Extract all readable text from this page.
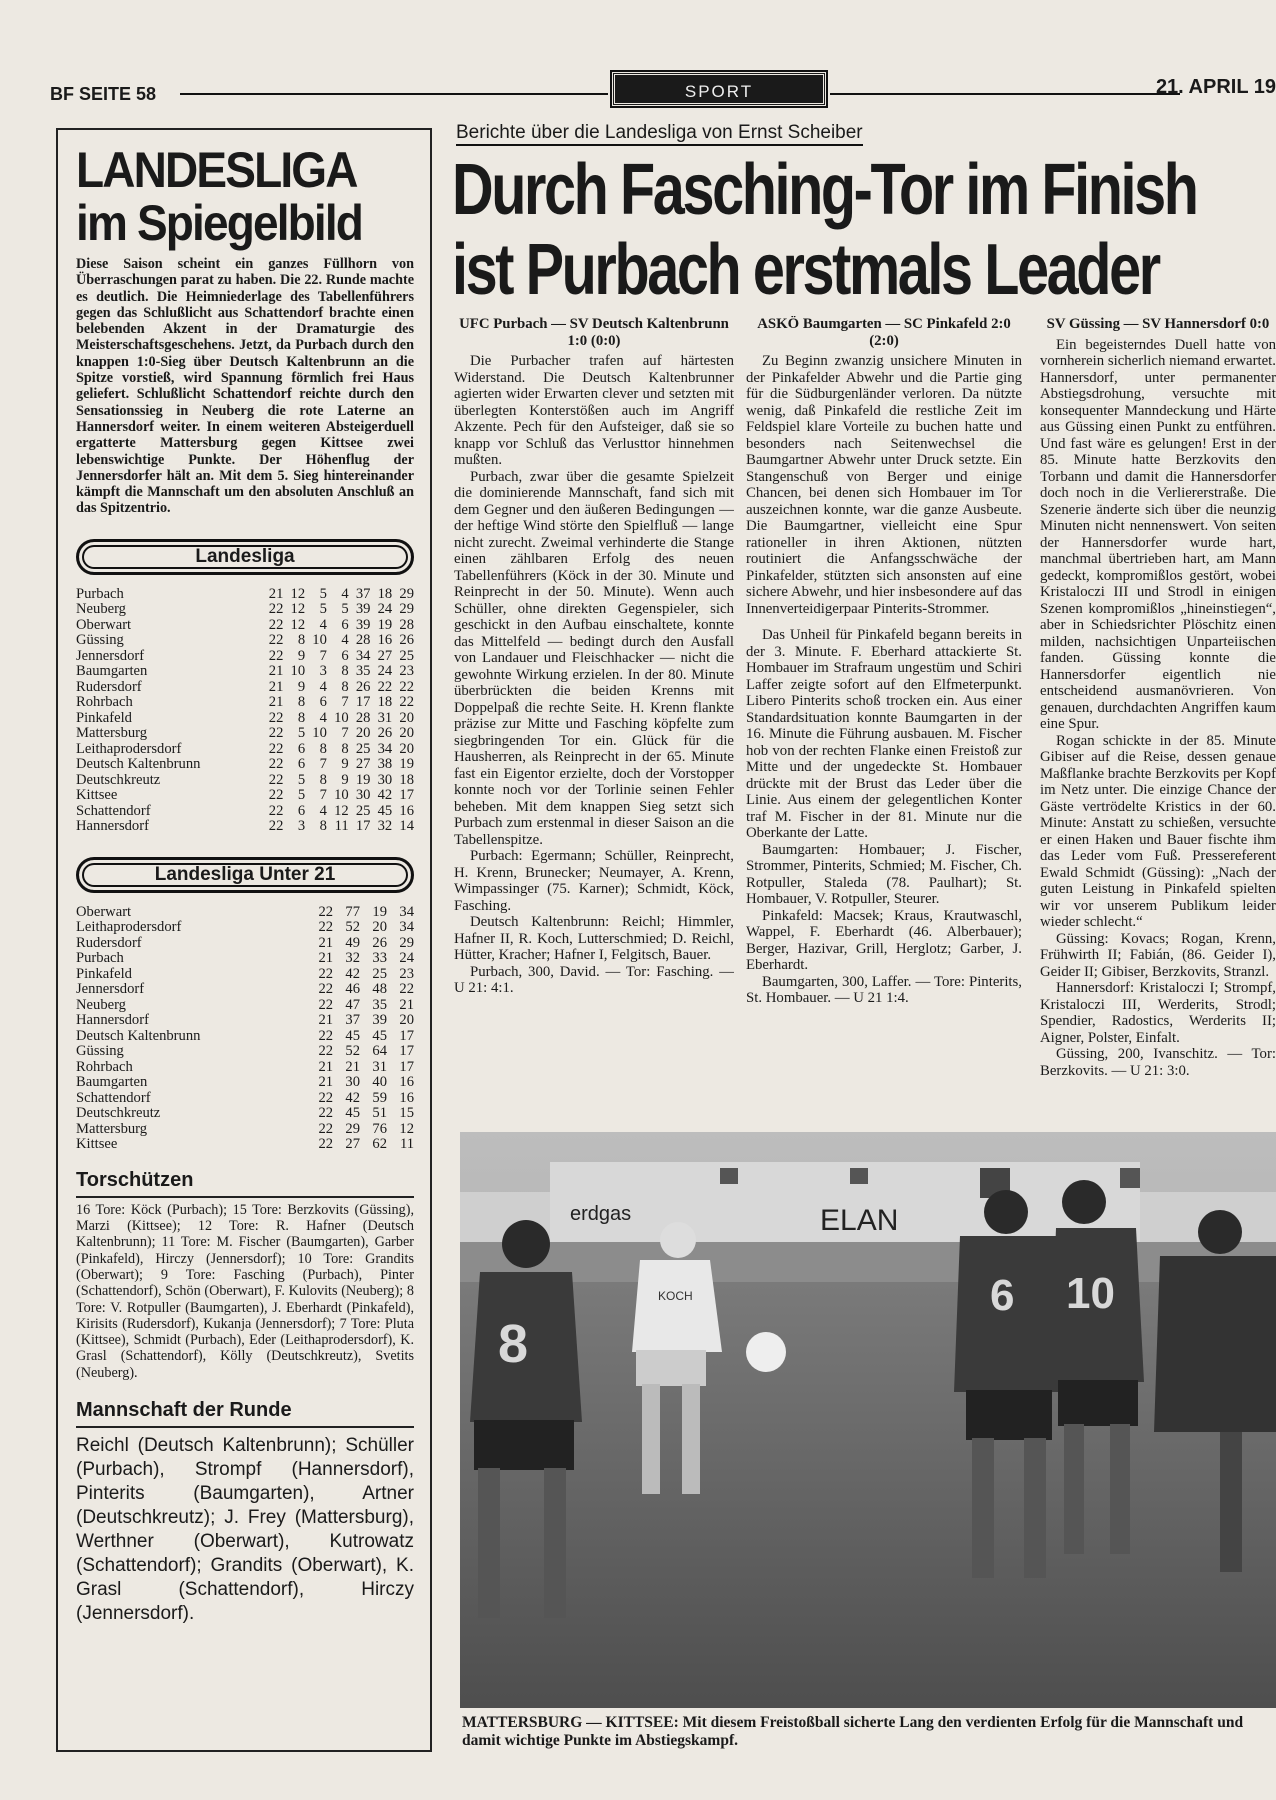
BF SEITE 58	SPORT	21. APRIL 19
LANDESLIGA
im Spiegelbild
Diese Saison scheint ein ganzes Füllhorn von Überraschungen parat zu haben. Die 22. Runde machte es deutlich. Die Heimniederlage des Tabellenführers gegen das Schlußlicht aus Schattendorf brachte einen belebenden Akzent in der Dramaturgie des Meisterschaftsgeschehens. Jetzt, da Purbach durch den knappen 1:0-Sieg über Deutsch Kaltenbrunn an die Spitze vorstieß, wird Spannung förmlich frei Haus geliefert. Schlußlicht Schattendorf reichte durch den Sensationssieg in Neuberg die rote Laterne an Hannersdorf weiter. In einem weiteren Absteigerduell ergatterte Mattersburg gegen Kittsee zwei lebenswichtige Punkte. Der Höhenflug der Jennersdorfer hält an. Mit dem 5. Sieg hintereinander kämpft die Mannschaft um den absoluten Anschluß an das Spitzentrio.
Landesliga
Purbach	21	12	5	4	37	18	29
Neuberg	22	12	5	5	39	24	29
Oberwart	22	12	4	6	39	19	28
Güssing	22	8	10	4	28	16	26
Jennersdorf	22	9	7	6	34	27	25
Baumgarten	21	10	3	8	35	24	23
Rudersdorf	21	9	4	8	26	22	22
Rohrbach	21	8	6	7	17	18	22
Pinkafeld	22	8	4	10	28	31	20
Mattersburg	22	5	10	7	20	26	20
Leithaprodersdorf	22	6	8	8	25	34	20
Deutsch Kaltenbrunn	22	6	7	9	27	38	19
Deutschkreutz	22	5	8	9	19	30	18
Kittsee	22	5	7	10	30	42	17
Schattendorf	22	6	4	12	25	45	16
Hannersdorf	22	3	8	11	17	32	14
Landesliga Unter 21
Oberwart	22	77	19	34
Leithaprodersdorf	22	52	20	34
Rudersdorf	21	49	26	29
Purbach	21	32	33	24
Pinkafeld	22	42	25	23
Jennersdorf	22	46	48	22
Neuberg	22	47	35	21
Hannersdorf	21	37	39	20
Deutsch Kaltenbrunn	22	45	45	17
Güssing	22	52	64	17
Rohrbach	21	21	31	17
Baumgarten	21	30	40	16
Schattendorf	22	42	59	16
Deutschkreutz	22	45	51	15
Mattersburg	22	29	76	12
Kittsee	22	27	62	11
Torschützen
16 Tore: Köck (Purbach); 15 Tore: Berzkovits (Güssing), Marzi (Kittsee); 12 Tore: R. Hafner (Deutsch Kaltenbrunn); 11 Tore: M. Fischer (Baumgarten), Garber (Pinkafeld), Hirczy (Jennersdorf); 10 Tore: Grandits (Oberwart); 9 Tore: Fasching (Purbach), Pinter (Schattendorf), Schön (Oberwart), F. Kulovits (Neuberg); 8 Tore: V. Rotpuller (Baumgarten), J. Eberhardt (Pinkafeld), Kirisits (Rudersdorf), Kukanja (Jennersdorf); 7 Tore: Pluta (Kittsee), Schmidt (Purbach), Eder (Leithaprodersdorf), K. Grasl (Schattendorf), Kölly (Deutschkreutz), Svetits (Neuberg).
Mannschaft der Runde
Reichl (Deutsch Kaltenbrunn); Schüller (Purbach), Strompf (Hannersdorf), Pinterits (Baumgarten), Artner (Deutschkreutz); J. Frey (Mattersburg), Werthner (Oberwart), Kutrowatz (Schattendorf); Grandits (Oberwart), K. Grasl (Schattendorf), Hirczy (Jennersdorf).
Berichte über die Landesliga von Ernst Scheiber
Durch Fasching-Tor im Finish
ist Purbach erstmals Leader

UFC Purbach — SV Deutsch Kaltenbrunn 1:0 (0:0)

Die Purbacher trafen auf härtesten Widerstand. Die Deutsch Kaltenbrunner agierten wider Erwarten clever und setzten mit überlegten Konterstößen auch im Angriff Akzente. Pech für den Aufsteiger, daß sie so knapp vor Schluß das Verlusttor hinnehmen mußten.

Purbach, zwar über die gesamte Spielzeit die dominierende Mannschaft, fand sich mit dem Gegner und den äußeren Bedingungen — der heftige Wind störte den Spielfluß — lange nicht zurecht. Zweimal verhinderte die Stange einen zählbaren Erfolg des neuen Tabellenführers (Köck in der 30. Minute und Reinprecht in der 50. Minute). Wenn auch Schüller, ohne direkten Gegenspieler, sich geschickt in den Aufbau einschaltete, konnte das Mittelfeld — bedingt durch den Ausfall von Landauer und Fleischhacker — nicht die gewohnte Wirkung erzielen. In der 80. Minute überbrückten die beiden Krenns mit Doppelpaß die rechte Seite. H. Krenn flankte präzise zur Mitte und Fasching köpfelte zum siegbringenden Tor ein. Glück für die Hausherren, als Reinprecht in der 65. Minute fast ein Eigentor erzielte, doch der Vorstopper konnte noch vor der Torlinie seinen Fehler beheben. Mit dem knappen Sieg setzt sich Purbach zum erstenmal in dieser Saison an die Tabellenspitze.

Purbach: Egermann; Schüller, Reinprecht, H. Krenn, Brunecker; Neumayer, A. Krenn, Wimpassinger (75. Karner); Schmidt, Köck, Fasching.

Deutsch Kaltenbrunn: Reichl; Himmler, Hafner II, R. Koch, Lutterschmied; D. Reichl, Hütter, Kracher; Hafner I, Felgitsch, Bauer.

Purbach, 300, David. — Tor: Fasching. — U 21: 4:1.

ASKÖ Baumgarten — SC Pinkafeld 2:0 (2:0)

Zu Beginn zwanzig unsichere Minuten in der Pinkafelder Abwehr und die Partie ging für die Südburgenländer verloren. Da nützte wenig, daß Pinkafeld die restliche Zeit im Feldspiel klare Vorteile zu buchen hatte und besonders nach Seitenwechsel die Baumgartner Abwehr unter Druck setzte. Ein Stangenschuß von Berger und einige Chancen, bei denen sich Hombauer im Tor auszeichnen konnte, war die ganze Ausbeute. Die Baumgartner, vielleicht eine Spur rationeller in ihren Aktionen, nützten routiniert die Anfangsschwäche der Pinkafelder, stützten sich ansonsten auf eine sichere Abwehr, und hier insbesondere auf das Innenverteidigerpaar Pinterits-Strommer.

Das Unheil für Pinkafeld begann bereits in der 3. Minute. F. Eberhard attackierte St. Hombauer im Strafraum ungestüm und Schiri Laffer zeigte sofort auf den Elfmeterpunkt. Libero Pinterits schoß trocken ein. Aus einer Standardsituation konnte Baumgarten in der 16. Minute die Führung ausbauen. M. Fischer hob von der rechten Flanke einen Freistoß zur Mitte und der ungedeckte St. Hombauer drückte mit der Brust das Leder über die Linie. Aus einem der gelegentlichen Konter traf M. Fischer in der 81. Minute nur die Oberkante der Latte.

Baumgarten: Hombauer; J. Fischer, Strommer, Pinterits, Schmied; M. Fischer, Ch. Rotpuller, Staleda (78. Paulhart); St. Hombauer, V. Rotpuller, Steurer.

Pinkafeld: Macsek; Kraus, Krautwaschl, Wappel, F. Eberhardt (46. Alberbauer); Berger, Hazivar, Grill, Herglotz; Garber, J. Eberhardt.

Baumgarten, 300, Laffer. — Tore: Pinterits, St. Hombauer. — U 21 1:4.

SV Güssing — SV Hannersdorf 0:0

Ein begeisterndes Duell hatte von vornherein sicherlich niemand erwartet. Hannersdorf, unter permanenter Abstiegsdrohung, versuchte mit konsequenter Manndeckung und Härte aus Güssing einen Punkt zu entführen. Und fast wäre es gelungen! Erst in der 85. Minute hatte Berzkovits den Torbann und damit die Hannersdorfer doch noch in die Verliererstraße. Die Szenerie änderte sich über die neunzig Minuten nicht nennenswert. Von seiten der Hannersdorfer wurde hart, manchmal übertrieben hart, am Mann gedeckt, kompromißlos gestört, wobei Kristaloczi III und Strodl in einigen Szenen kompromißlos „hineinstiegen“, aber in Schiedsrichter Plöschitz einen milden, nachsichtigen Unparteiischen fanden. Güssing konnte die Hannersdorfer eigentlich nie entscheidend ausmanövrieren. Von genauen, durchdachten Angriffen kaum eine Spur.

Rogan schickte in der 85. Minute Gibiser auf die Reise, dessen genaue Maßflanke brachte Berzkovits per Kopf im Netz unter. Die einzige Chance der Gäste vertrödelte Kristics in der 60. Minute: Anstatt zu schießen, versuchte er einen Haken und Bauer fischte ihm das Leder vom Fuß. Pressereferent Ewald Schmidt (Güssing): „Nach der guten Leistung in Pinkafeld spielten wir vor unserem Publikum leider wieder schlecht.“

Güssing: Kovacs; Rogan, Krenn, Frühwirth II; Fabián, (86. Geider I), Geider II; Gibiser, Berzkovits, Stranzl.

Hannersdorf: Kristaloczi I; Strompf, Kristaloczi III, Werderits, Strodl; Spendier, Radostics, Werderits II; Aigner, Polster, Einfalt.

Güssing, 200, Ivanschitz. — Tor: Berzkovits. — U 21: 3:0.

erdgas	ELAN
8
KOCH	6 10
MATTERSBURG — KITTSEE: Mit diesem Freistoßball sicherte Lang den verdienten Erfolg für die Mannschaft und damit wichtige Punkte im Abstiegskampf.
